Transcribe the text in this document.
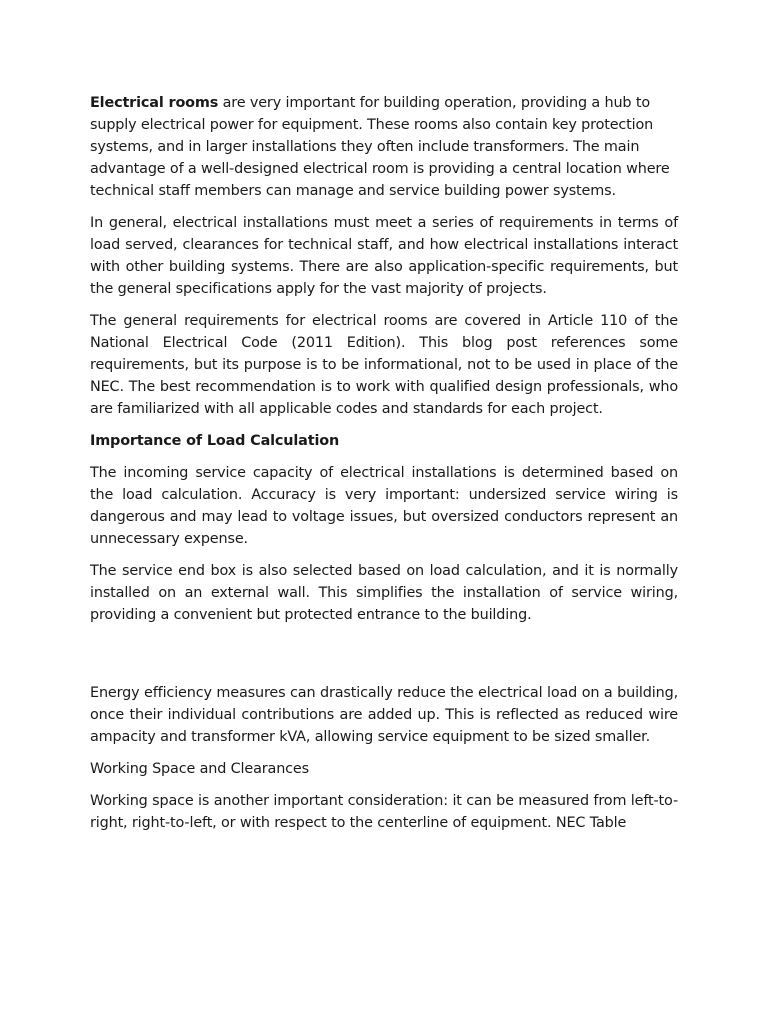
Electrical rooms are very important for building operation, providing a hub to supply electrical power for equipment. These rooms also contain key protection systems, and in larger installations they often include transformers. The main advantage of a well-designed electrical room is providing a central location where technical staff members can manage and service building power systems.

In general, electrical installations must meet a series of requirements in terms of load served, clearances for technical staff, and how electrical installations interact with other building systems. There are also application-specific requirements, but the general specifications apply for the vast majority of projects.

The general requirements for electrical rooms are covered in Article 110 of the National Electrical Code (2011 Edition). This blog post references some requirements, but its purpose is to be informational, not to be used in place of the NEC. The best recommendation is to work with qualified design professionals, who are familiarized with all applicable codes and standards for each project.

Importance of Load Calculation

The incoming service capacity of electrical installations is determined based on the load calculation. Accuracy is very important: undersized service wiring is dangerous and may lead to voltage issues, but oversized conductors represent an unnecessary expense.

The service end box is also selected based on load calculation, and it is normally installed on an external wall. This simplifies the installation of service wiring, providing a convenient but protected entrance to the building.

Energy efficiency measures can drastically reduce the electrical load on a building, once their individual contributions are added up. This is reflected as reduced wire ampacity and transformer kVA, allowing service equipment to be sized smaller.

Working Space and Clearances

Working space is another important consideration: it can be measured from left-to-right, right-to-left, or with respect to the centerline of equipment. NEC Table
